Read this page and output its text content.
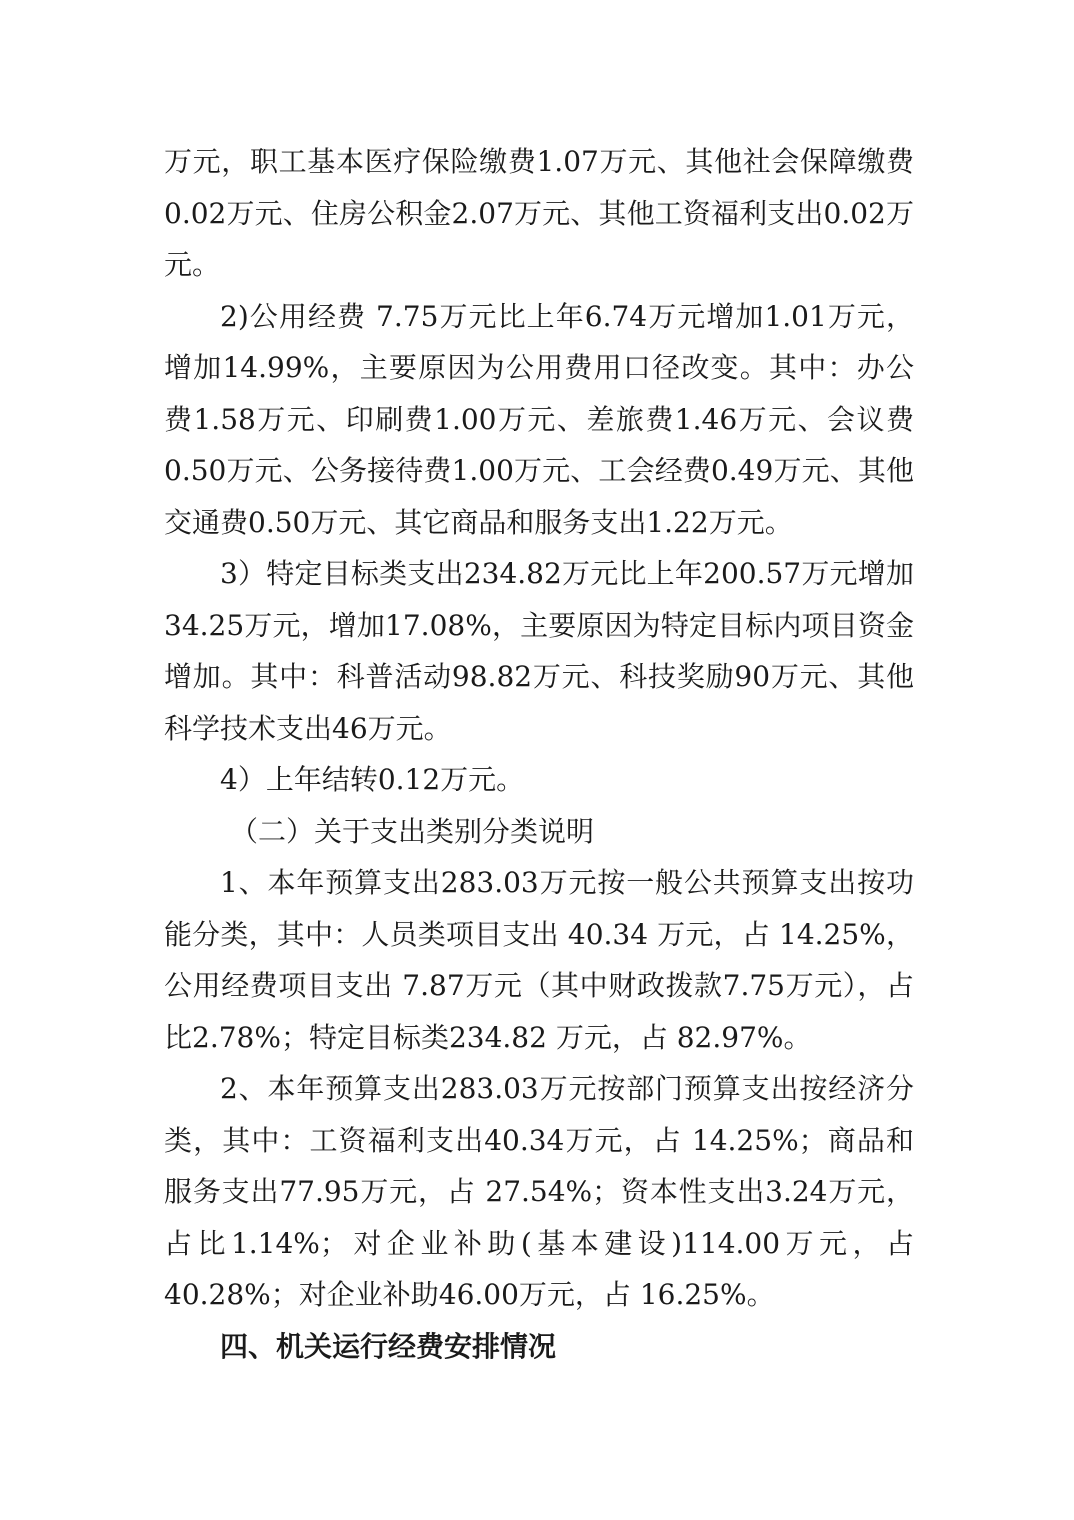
万元，职工基本医疗保险缴费1.07万元、其他社会保障缴费0.02万元、住房公积金2.07万元、其他工资福利支出0.02万元。

2)公用经费 7.75万元比上年6.74万元增加1.01万元，增加14.99%，主要原因为公用费用口径改变。其中：办公费1.58万元、印刷费1.00万元、差旅费1.46万元、会议费0.50万元、公务接待费1.00万元、工会经费0.49万元、其他交通费0.50万元、其它商品和服务支出1.22万元。

3）特定目标类支出234.82万元比上年200.57万元增加34.25万元，增加17.08%，主要原因为特定目标内项目资金增加。其中：科普活动98.82万元、科技奖励90万元、其他科学技术支出46万元。

4）上年结转0.12万元。

（二）关于支出类别分类说明

1、本年预算支出283.03万元按一般公共预算支出按功能分类，其中：人员类项目支出 40.34 万元，占 14.25%，公用经费项目支出 7.87万元（其中财政拨款7.75万元），占比2.78%；特定目标类234.82 万元，占 82.97%。

2、本年预算支出283.03万元按部门预算支出按经济分类，其中：工资福利支出40.34万元，占 14.25%；商品和服务支出77.95万元，占 27.54%；资本性支出3.24万元，占比1.14%；对企业补助(基本建设)114.00万元，占 40.28%；对企业补助46.00万元，占 16.25%。

四、机关运行经费安排情况
